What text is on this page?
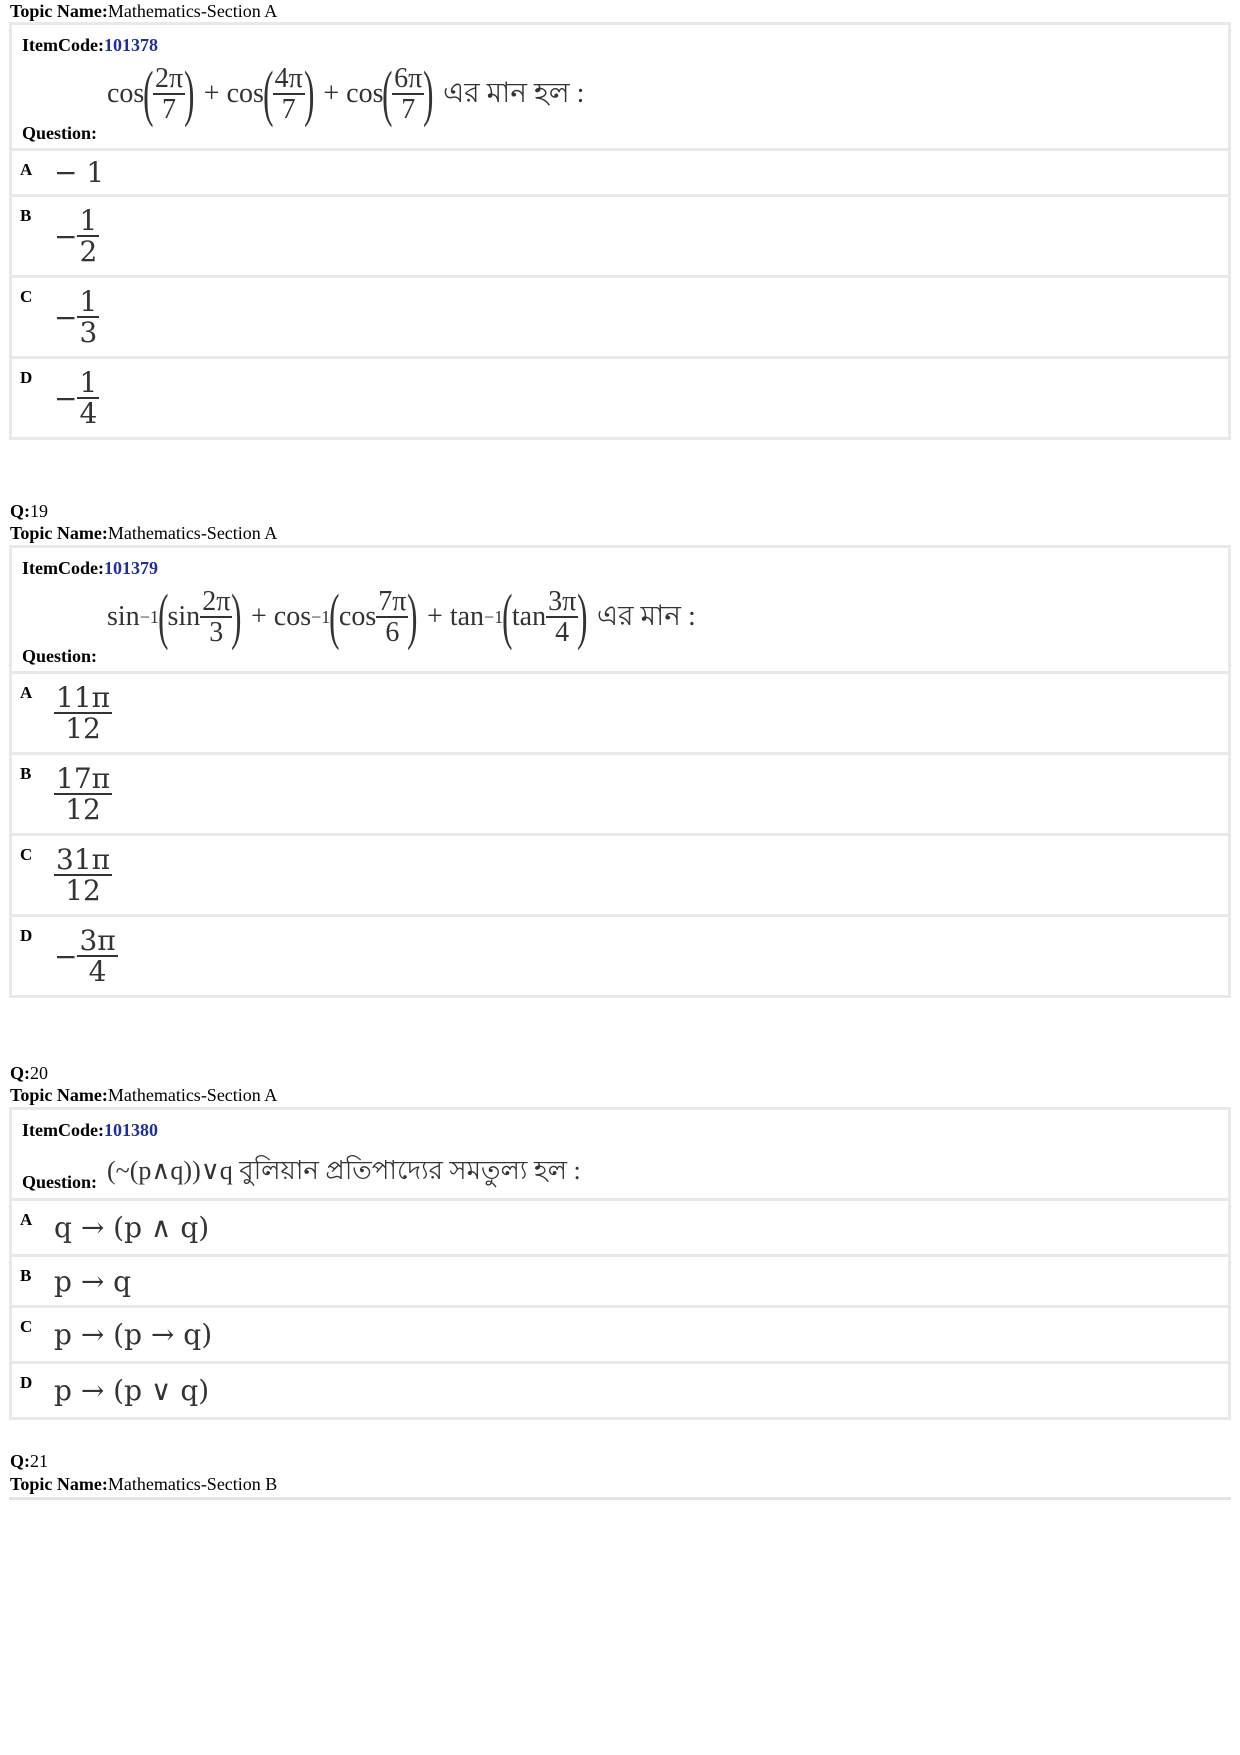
Topic Name:Mathematics-Section A
ItemCode:101378
Question:
cos ( $\frac{2\pi}{7}$ ) + cos ( $\frac{4\pi}{7}$ ) + cos ( $\frac{6\pi}{7}$ ) এর মান হল :
A − 1
B
− $\frac{1}{2}$
C
− $\frac{1}{3}$
D
− $\frac{1}{4}$
Q:19
Topic Name:Mathematics-Section A
ItemCode:101379
Question:
sin −1 ( $\sin \frac{2\pi}{3}$ ) + cos −1 ( $\cos \frac{7\pi}{6}$ ) + tan −1 ( $\tan \frac{3\pi}{4}$ ) এর মান :
A $\frac{11\pi}{12}$
B $\frac{17\pi}{12}$
C $\frac{31\pi}{12}$
D
− $\frac{3\pi}{4}$
Q:20
Topic Name:Mathematics-Section A
ItemCode:101380
Question: (~(p∧q))∨q বুলিয়ান প্রতিপাদ্যের সমতুল্য হল :
A q → (p ∧ q)
B p → q
C p → (p → q)
D p → (p ∨ q)
Q:21
Topic Name:Mathematics-Section B
